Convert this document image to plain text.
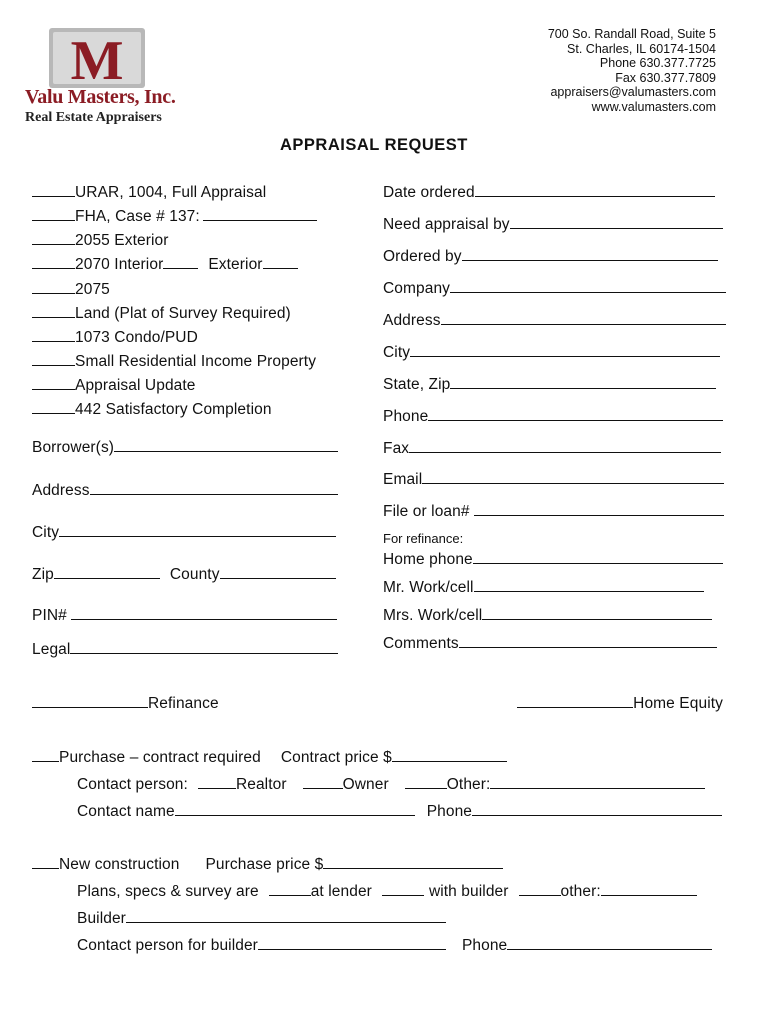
M
Valu Masters, Inc.
Real Estate Appraisers
700 So. Randall Road, Suite 5
St. Charles, IL 60174-1504
Phone 630.377.7725
Fax 630.377.7809
appraisers@valumasters.com
www.valumasters.com
APPRAISAL REQUEST
URAR, 1004, Full Appraisal
FHA, Case # 137:
2055 Exterior
2070 Interior	Exterior
2075
Land (Plat of Survey Required)
1073 Condo/PUD
Small Residential Income Property
Appraisal Update
442 Satisfactory Completion
Borrower(s)
Address
City
Zip	County
PIN#
Legal
Date ordered
Need appraisal by
Ordered by
Company
Address
City
State, Zip
Phone
Fax
Email
File or loan#
For refinance:
Home phone
Mr. Work/cell
Mrs. Work/cell
Comments
Refinance	Home Equity
Purchase – contract required Contract price $
Contact person:	Realtor	Owner	Other:
Contact name	Phone
New construction Purchase price $
Plans, specs & survey are	at lender	with builder	other:
Builder
Contact person for builder	Phone
